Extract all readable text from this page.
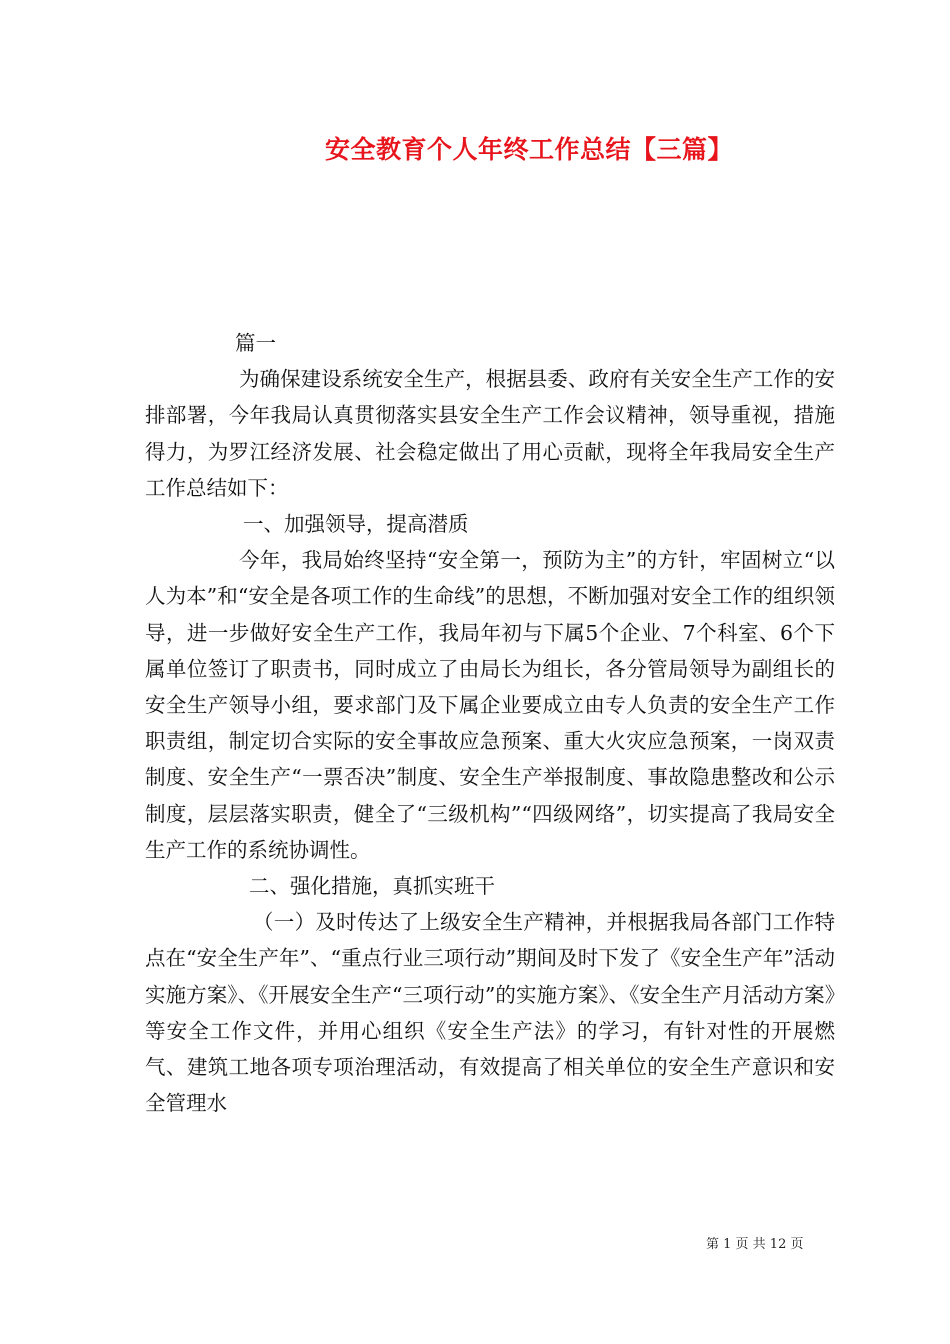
安全教育个人年终工作总结【三篇】

篇一

为确保建设系统安全生产，根据县委、政府有关安全生产工作的安排部署，今年我局认真贯彻落实县安全生产工作会议精神，领导重视，措施得力，为罗江经济发展、社会稳定做出了用心贡献，现将全年我局安全生产工作总结如下：

一、加强领导，提高潜质

今年，我局始终坚持“安全第一，预防为主”的方针，牢固树立“以人为本”和“安全是各项工作的生命线”的思想，不断加强对安全工作的组织领导，进一步做好安全生产工作，我局年初与下属5个企业、7个科室、6个下属单位签订了职责书，同时成立了由局长为组长，各分管局领导为副组长的安全生产领导小组，要求部门及下属企业要成立由专人负责的安全生产工作职责组，制定切合实际的安全事故应急预案、重大火灾应急预案，一岗双责制度、安全生产“一票否决”制度、安全生产举报制度、事故隐患整改和公示制度，层层落实职责，健全了“三级机构”“四级网络”，切实提高了我局安全生产工作的系统协调性。

二、强化措施，真抓实班干

（一）及时传达了上级安全生产精神，并根据我局各部门工作特点在“安全生产年”、“重点行业三项行动”期间及时下发了《安全生产年”活动实施方案》、《开展安全生产“三项行动”的实施方案》、《安全生产月活动方案》等安全工作文件，并用心组织《安全生产法》的学习，有针对性的开展燃气、建筑工地各项专项治理活动，有效提高了相关单位的安全生产意识和安全管理水

第 1 页 共 12 页
